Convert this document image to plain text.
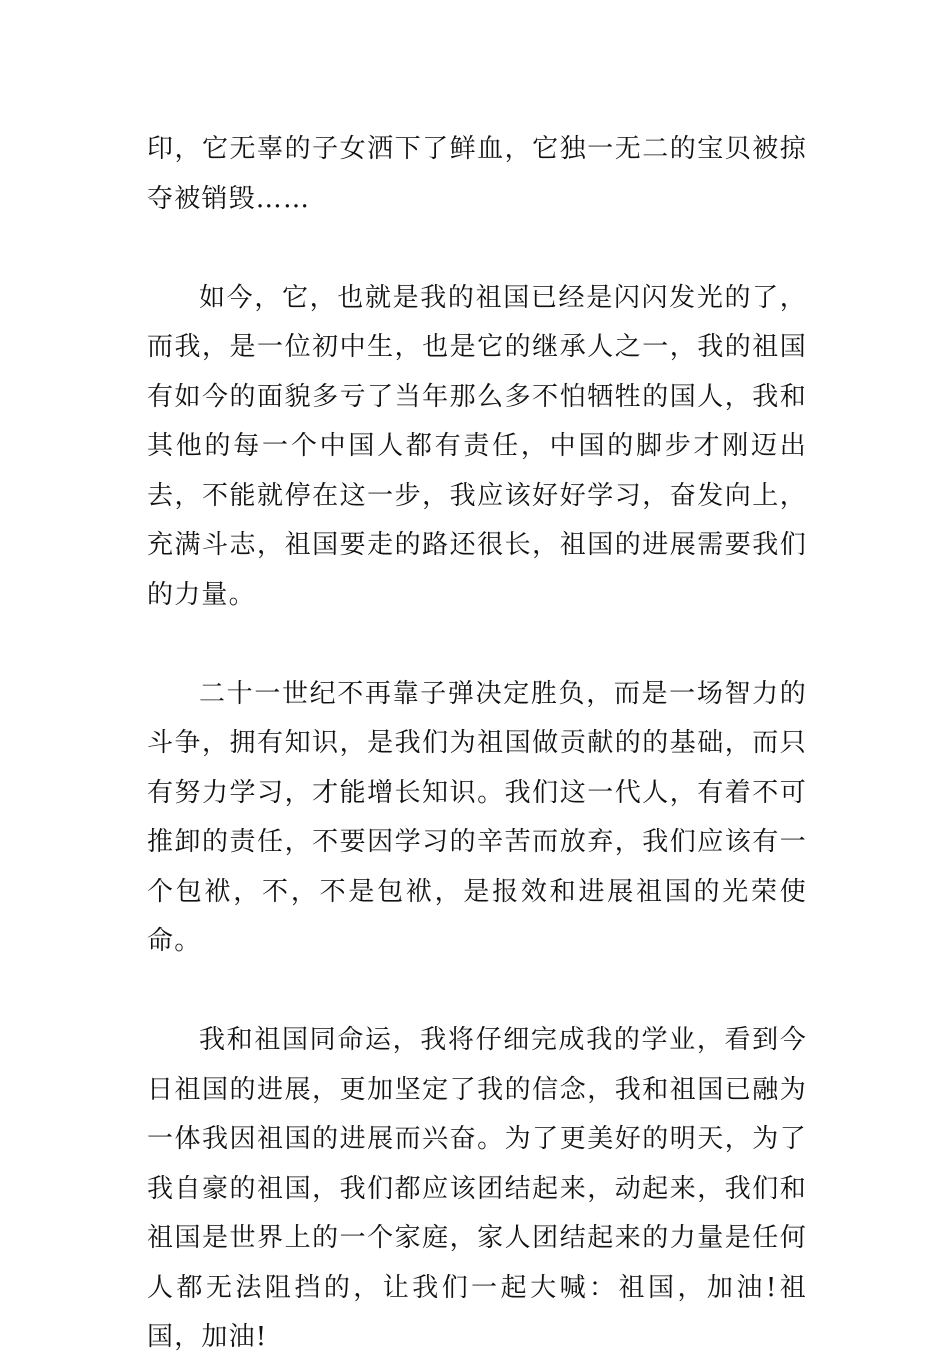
印，它无辜的子女洒下了鲜血，它独一无二的宝贝被掠夺被销毁……

如今，它，也就是我的祖国已经是闪闪发光的了，而我，是一位初中生，也是它的继承人之一，我的祖国有如今的面貌多亏了当年那么多不怕牺牲的国人，我和其他的每一个中国人都有责任，中国的脚步才刚迈出去，不能就停在这一步，我应该好好学习，奋发向上，充满斗志，祖国要走的路还很长，祖国的进展需要我们的力量。

二十一世纪不再靠子弹决定胜负，而是一场智力的斗争，拥有知识，是我们为祖国做贡献的的基础，而只有努力学习，才能增长知识。我们这一代人，有着不可推卸的责任，不要因学习的辛苦而放弃，我们应该有一个包袱，不，不是包袱，是报效和进展祖国的光荣使命。

我和祖国同命运，我将仔细完成我的学业，看到今日祖国的进展，更加坚定了我的信念，我和祖国已融为一体我因祖国的进展而兴奋。为了更美好的明天，为了我自豪的祖国，我们都应该团结起来，动起来，我们和祖国是世界上的一个家庭，家人团结起来的力量是任何人都无法阻挡的，让我们一起大喊：祖国，加油!祖国，加油!
